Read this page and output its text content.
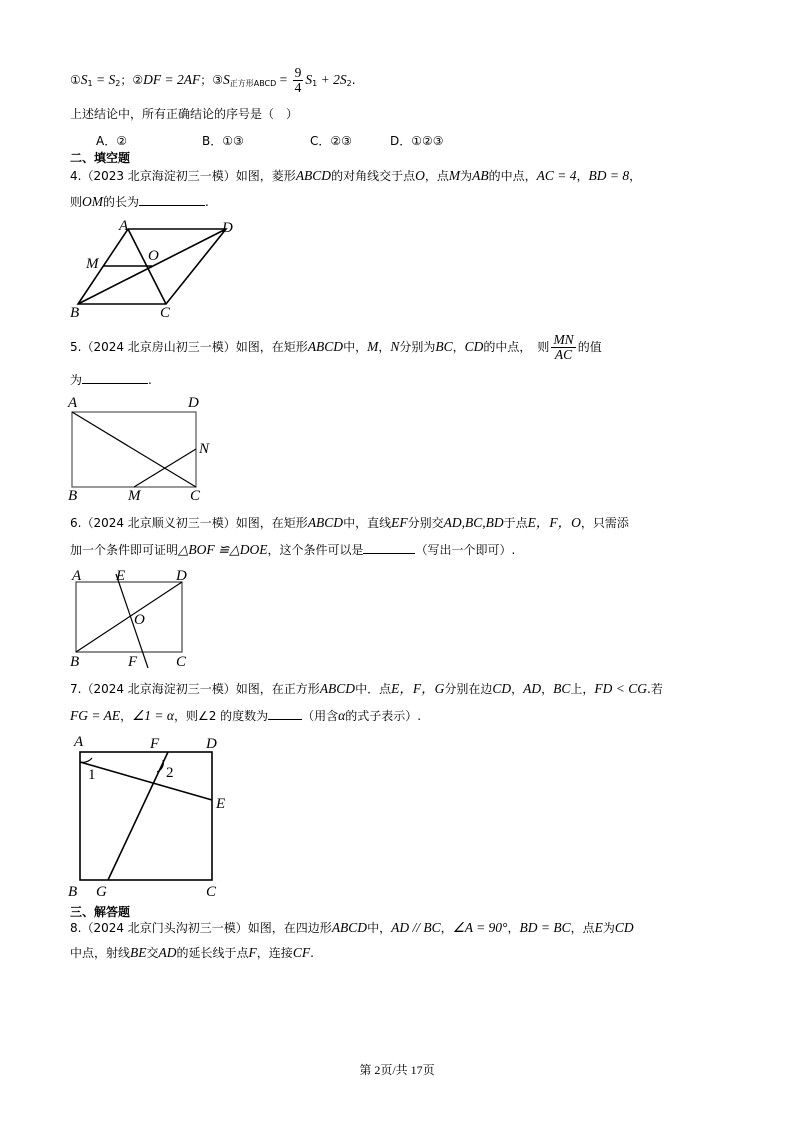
$①S_1 = S_2$；②DF = 2AF；$③S_{正方形ABCD} = \frac{9}{4} S_1 + 2S_2$.
上述结论中，所有正确结论的序号是（　）
A．②	B．①③	C．②③	D．①②③
二、填空题
4.（2023 北京海淀初三一模）如图，菱形ABCD的对角线交于点O，点M为AB的中点，AC = 4，BD = 8，
则OM的长为	.
A	D
M	O
B	C
5.（2024 北京房山初三一模）如图，在矩形ABCD中，M，N分别为BC，CD的中点，　则 $\frac{MN}{AC}$ 的值
为	.
A	D
N
B	M	C
6.（2024 北京顺义初三一模）如图，在矩形ABCD中，直线EF分别交AD,BC,BD于点E，F，O，只需添
加一个条件即可证明△BOF ≌△DOE，这个条件可以是	（写出一个即可）.
A E	D
O
B	F	C
7.（2024 北京海淀初三一模）如图，在正方形ABCD中．点E，F，G分别在边CD，AD，BC上，FD < CG.若
FG = AE，∠1 = α，则∠2 的度数为	（用含α的式子表示）.
A	F	D
1	2
E
B G	C
三、解答题
8.（2024 北京门头沟初三一模）如图，在四边形ABCD中，AD // BC，∠A = 90°，BD = BC，点E为CD
中点，射线BE交AD的延长线于点F，连接CF.
第 2页/共 17页
